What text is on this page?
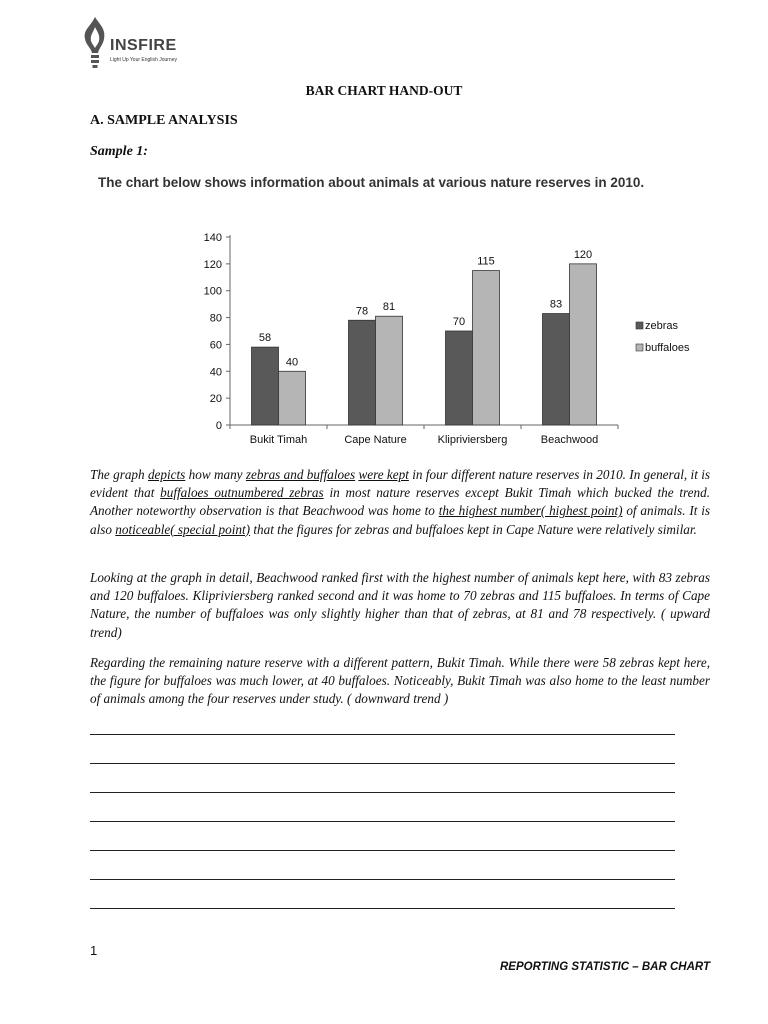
INSFIRE
Light Up Your English Journey
BAR CHART HAND-OUT
A. SAMPLE ANALYSIS
Sample 1:
The chart below shows information about animals at various nature reserves in 2010.
0
20
40
60
80
100
120
140
58
40
Bukit Timah
78 81
Cape Nature
70
115
Klipriviersberg
83
120
Beachwood
zebras
buffaloes

The graph depicts how many zebras and buffaloes were kept in four different nature reserves in 2010. In general, it is evident that buffaloes outnumbered zebras in most nature reserves except Bukit Timah which bucked the trend. Another noteworthy observation is that Beachwood was home to the highest number( highest point) of animals. It is also noticeable( special point) that the figures for zebras and buffaloes kept in Cape Nature were relatively similar.

Looking at the graph in detail, Beachwood ranked first with the highest number of animals kept here, with 83 zebras and 120 buffaloes. Klipriviersberg ranked second and it was home to 70 zebras and 115 buffaloes. In terms of Cape Nature, the number of buffaloes was only slightly higher than that of zebras, at 81 and 78 respectively. ( upward trend)

Regarding the remaining nature reserve with a different pattern, Bukit Timah. While there were 58 zebras kept here, the figure for buffaloes was much lower, at 40 buffaloes. Noticeably, Bukit Timah was also home to the least number of animals among the four reserves under study. ( downward trend )

1
REPORTING STATISTIC – BAR CHART
